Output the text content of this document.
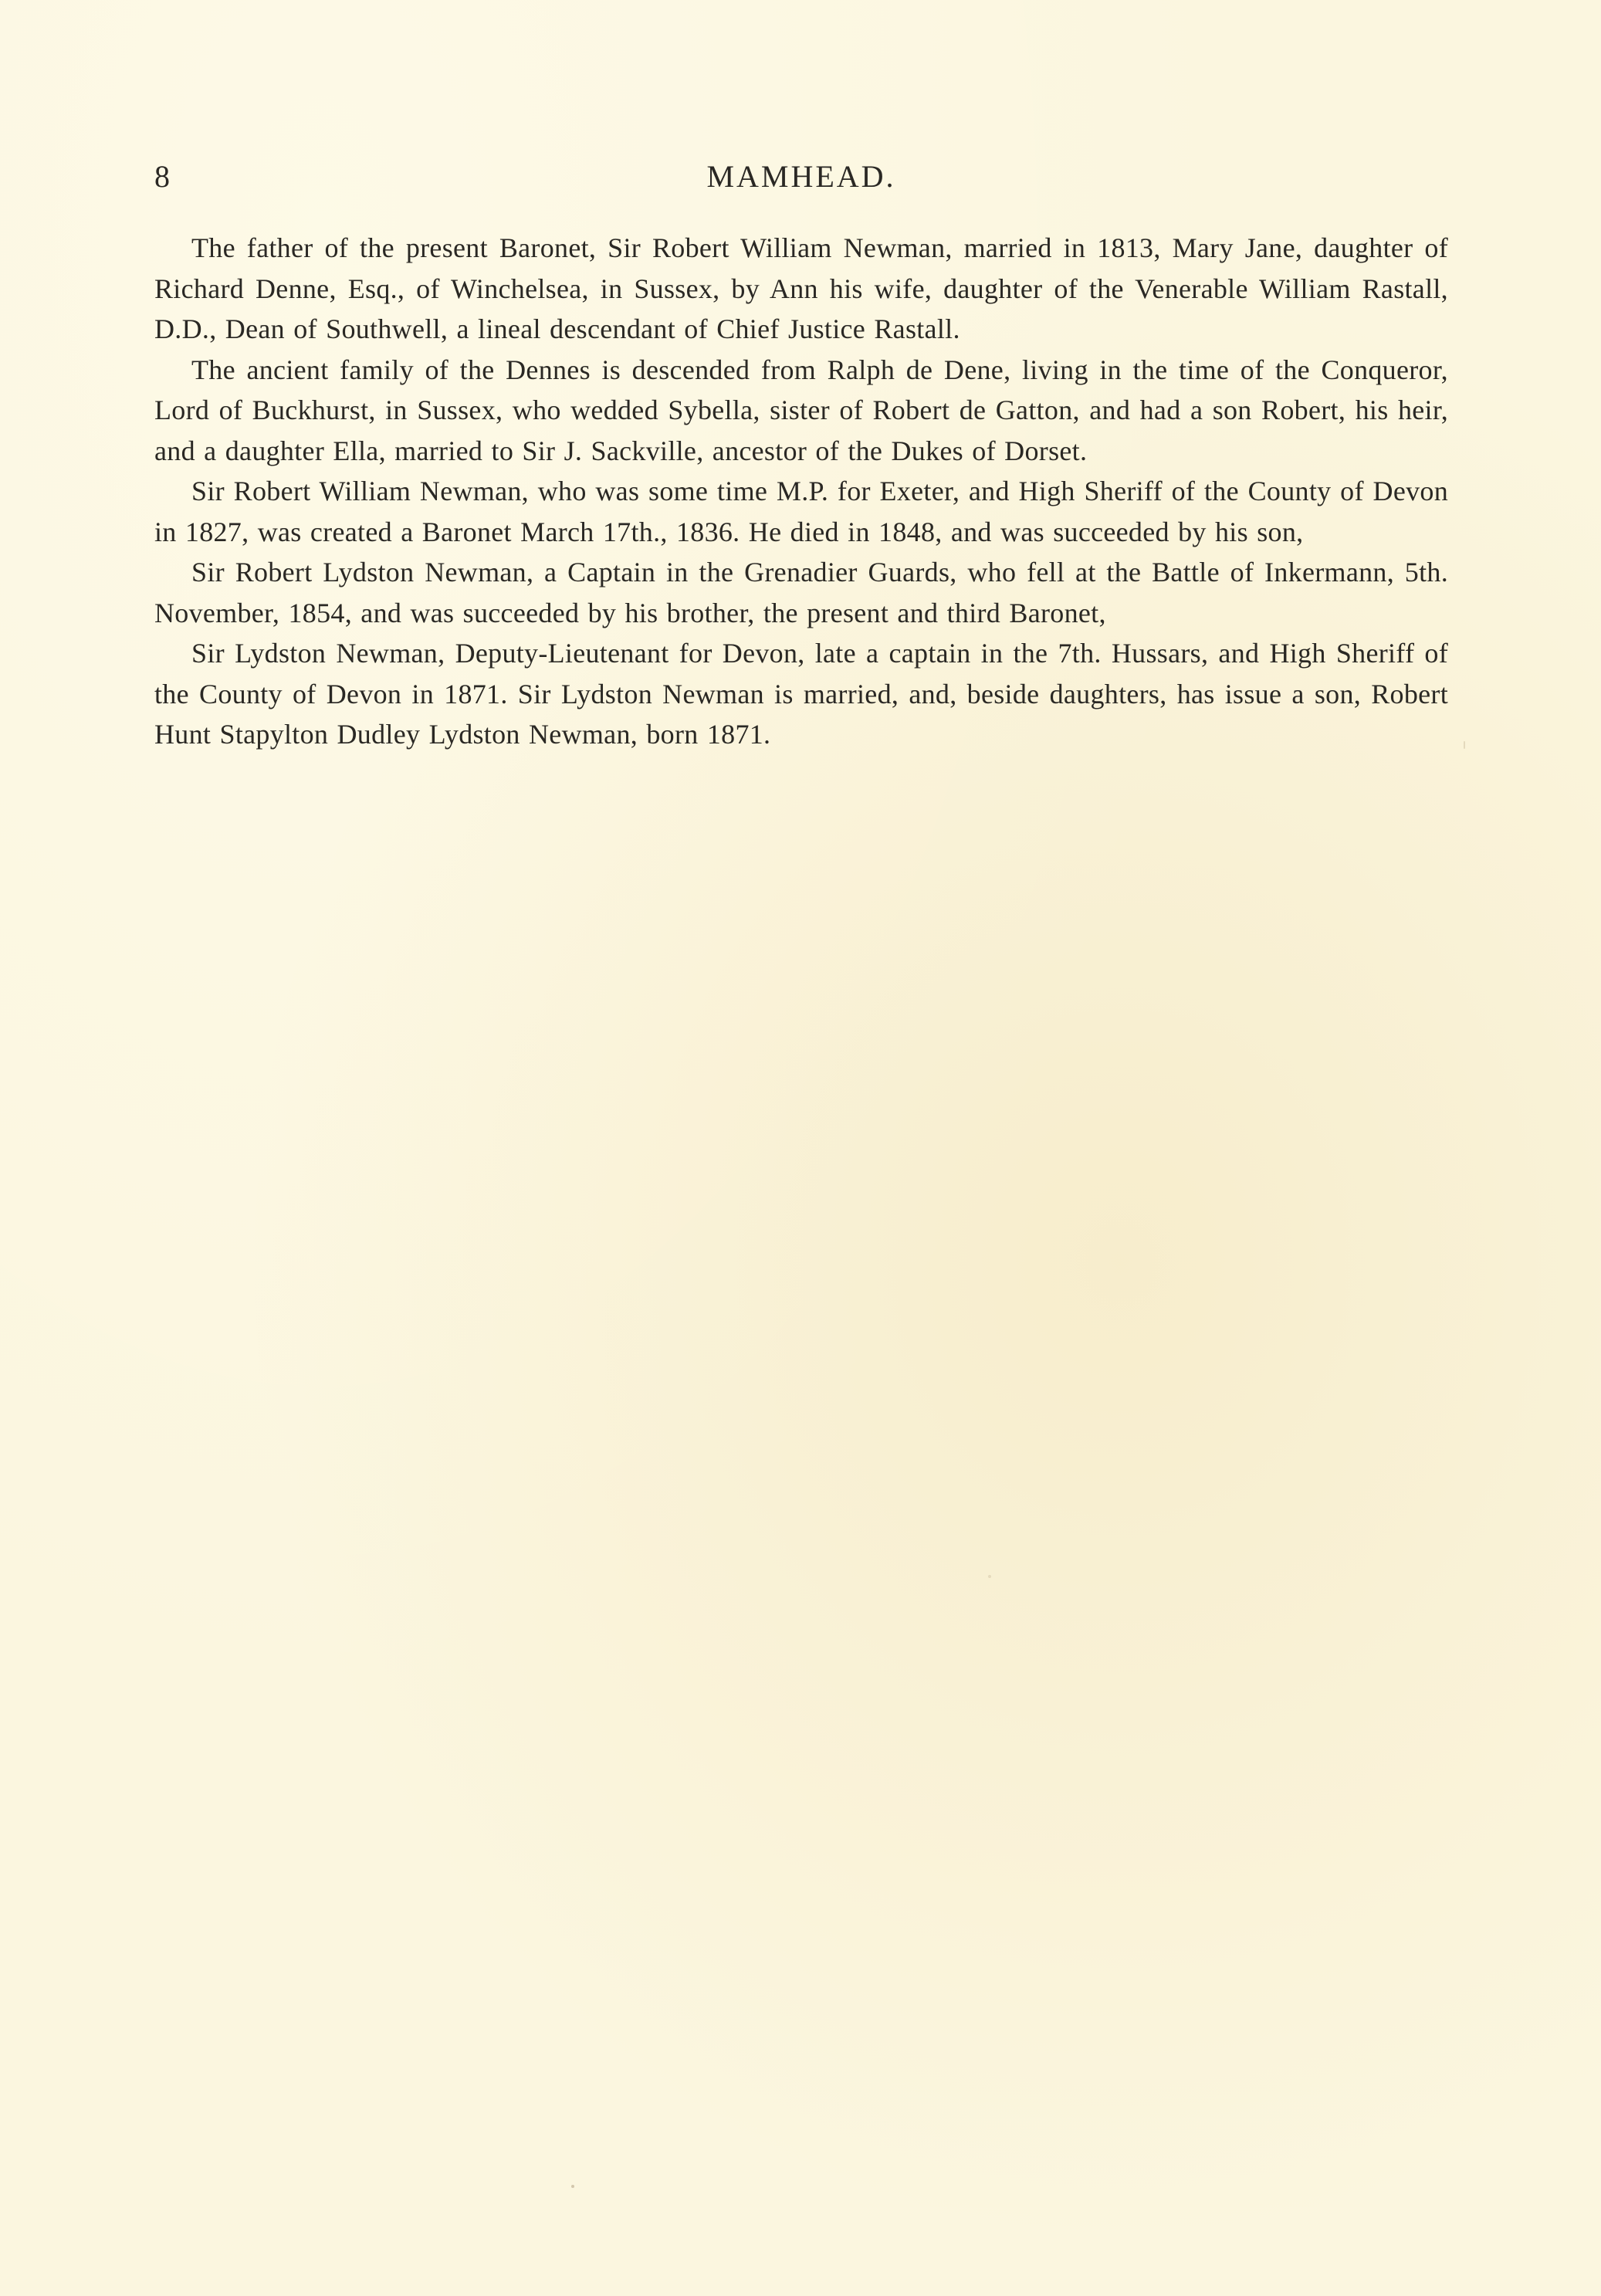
8	MAMHEAD.

The father of the present Baronet, Sir Robert William Newman, married in 1813, Mary Jane, daughter of Richard Denne, Esq., of Winchelsea, in Sussex, by Ann his wife, daughter of the Venerable William Rastall, D.D., Dean of Southwell, a lineal descendant of Chief Justice Rastall.

The ancient family of the Dennes is descended from Ralph de Dene, living in the time of the Conqueror, Lord of Buckhurst, in Sussex, who wedded Sybella, sister of Robert de Gatton, and had a son Robert, his heir, and a daughter Ella, married to Sir J. Sackville, ancestor of the Dukes of Dorset.

Sir Robert William Newman, who was some time M.P. for Exeter, and High Sheriff of the County of Devon in 1827, was created a Baronet March 17th., 1836. He died in 1848, and was succeeded by his son,

Sir Robert Lydston Newman, a Captain in the Grenadier Guards, who fell at the Battle of Inkermann, 5th. November, 1854, and was succeeded by his brother, the present and third Baronet,

Sir Lydston Newman, Deputy-Lieutenant for Devon, late a captain in the 7th. Hussars, and High Sheriff of the County of Devon in 1871. Sir Lydston Newman is married, and, beside daughters, has issue a son, Robert Hunt Stapylton Dudley Lydston Newman, born 1871.
